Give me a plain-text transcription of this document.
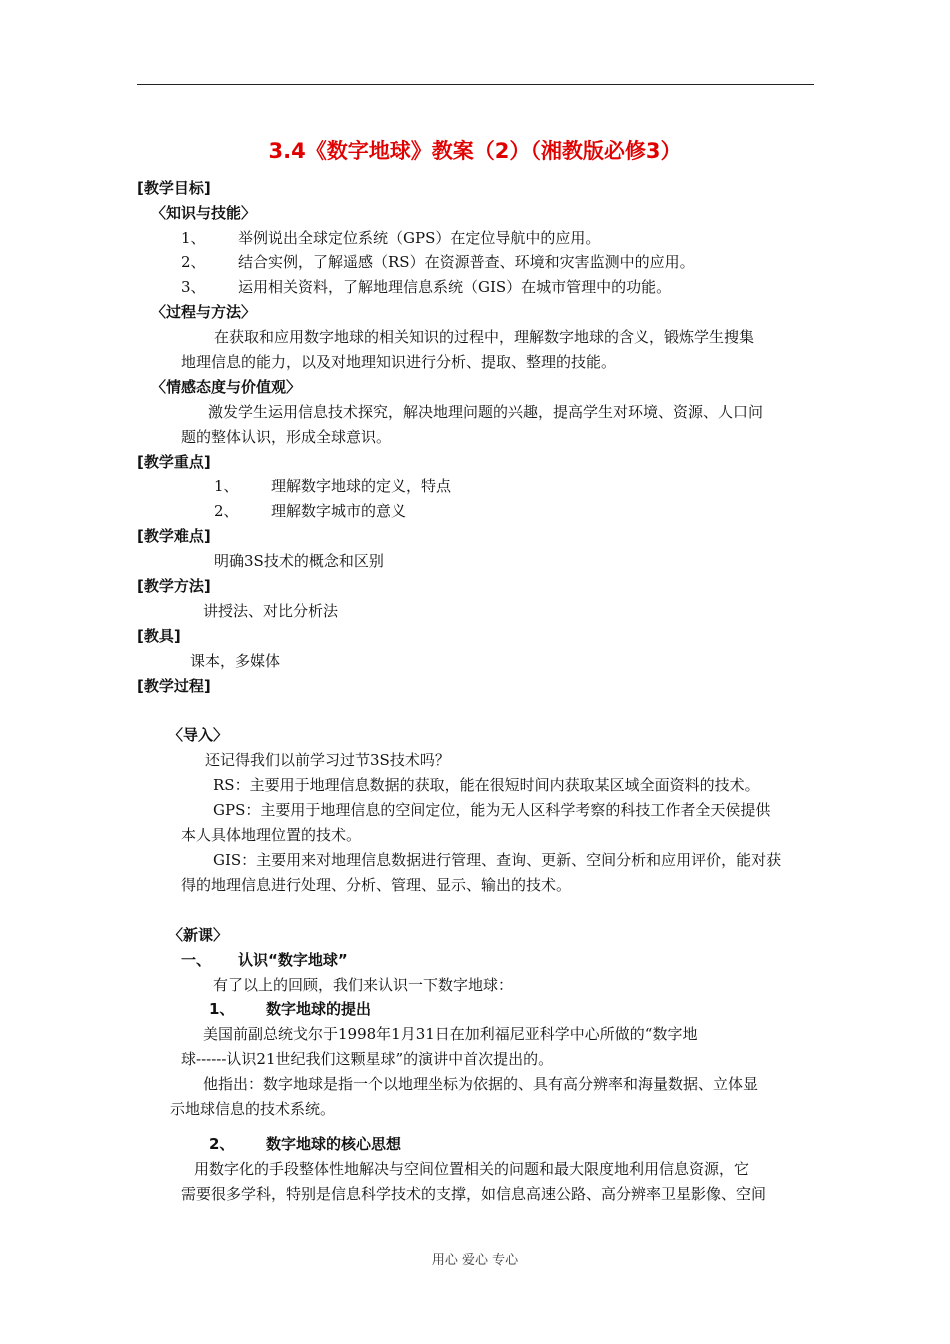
3.4《数字地球》教案（2）（湘教版必修3）
[教学目标]
〈知识与技能〉
1、 举例说出全球定位系统（GPS）在定位导航中的应用。
2、 结合实例，了解遥感（RS）在资源普查、环境和灾害监测中的应用。
3、 运用相关资料，了解地理信息系统（GIS）在城市管理中的功能。
〈过程与方法〉
在获取和应用数字地球的相关知识的过程中，理解数字地球的含义，锻炼学生搜集
地理信息的能力，以及对地理知识进行分析、提取、整理的技能。
〈情感态度与价值观〉
激发学生运用信息技术探究，解决地理问题的兴趣，提高学生对环境、资源、人口问
题的整体认识，形成全球意识。
[教学重点]
1、 理解数字地球的定义，特点
2、 理解数字城市的意义
[教学难点]
明确3S技术的概念和区别
[教学方法]
讲授法、对比分析法
[教具]
课本，多媒体
[教学过程]
〈导入〉
还记得我们以前学习过节3S技术吗？
RS：主要用于地理信息数据的获取，能在很短时间内获取某区域全面资料的技术。
GPS：主要用于地理信息的空间定位，能为无人区科学考察的科技工作者全天侯提供
本人具体地理位置的技术。
GIS：主要用来对地理信息数据进行管理、查询、更新、空间分析和应用评价，能对获
得的地理信息进行处理、分析、管理、显示、输出的技术。
〈新课〉
一、 认识“数字地球”
有了以上的回顾，我们来认识一下数字地球：
1、 数字地球的提出
美国前副总统戈尔于1998年1月31日在加利福尼亚科学中心所做的“数字地
球------认识21世纪我们这颗星球”的演讲中首次提出的。
他指出：数字地球是指一个以地理坐标为依据的、具有高分辨率和海量数据、立体显
示地球信息的技术系统。
2、 数字地球的核心思想
用数字化的手段整体性地解决与空间位置相关的问题和最大限度地利用信息资源，它
需要很多学科，特别是信息科学技术的支撑，如信息高速公路、高分辨率卫星影像、空间
用心 爱心 专心
